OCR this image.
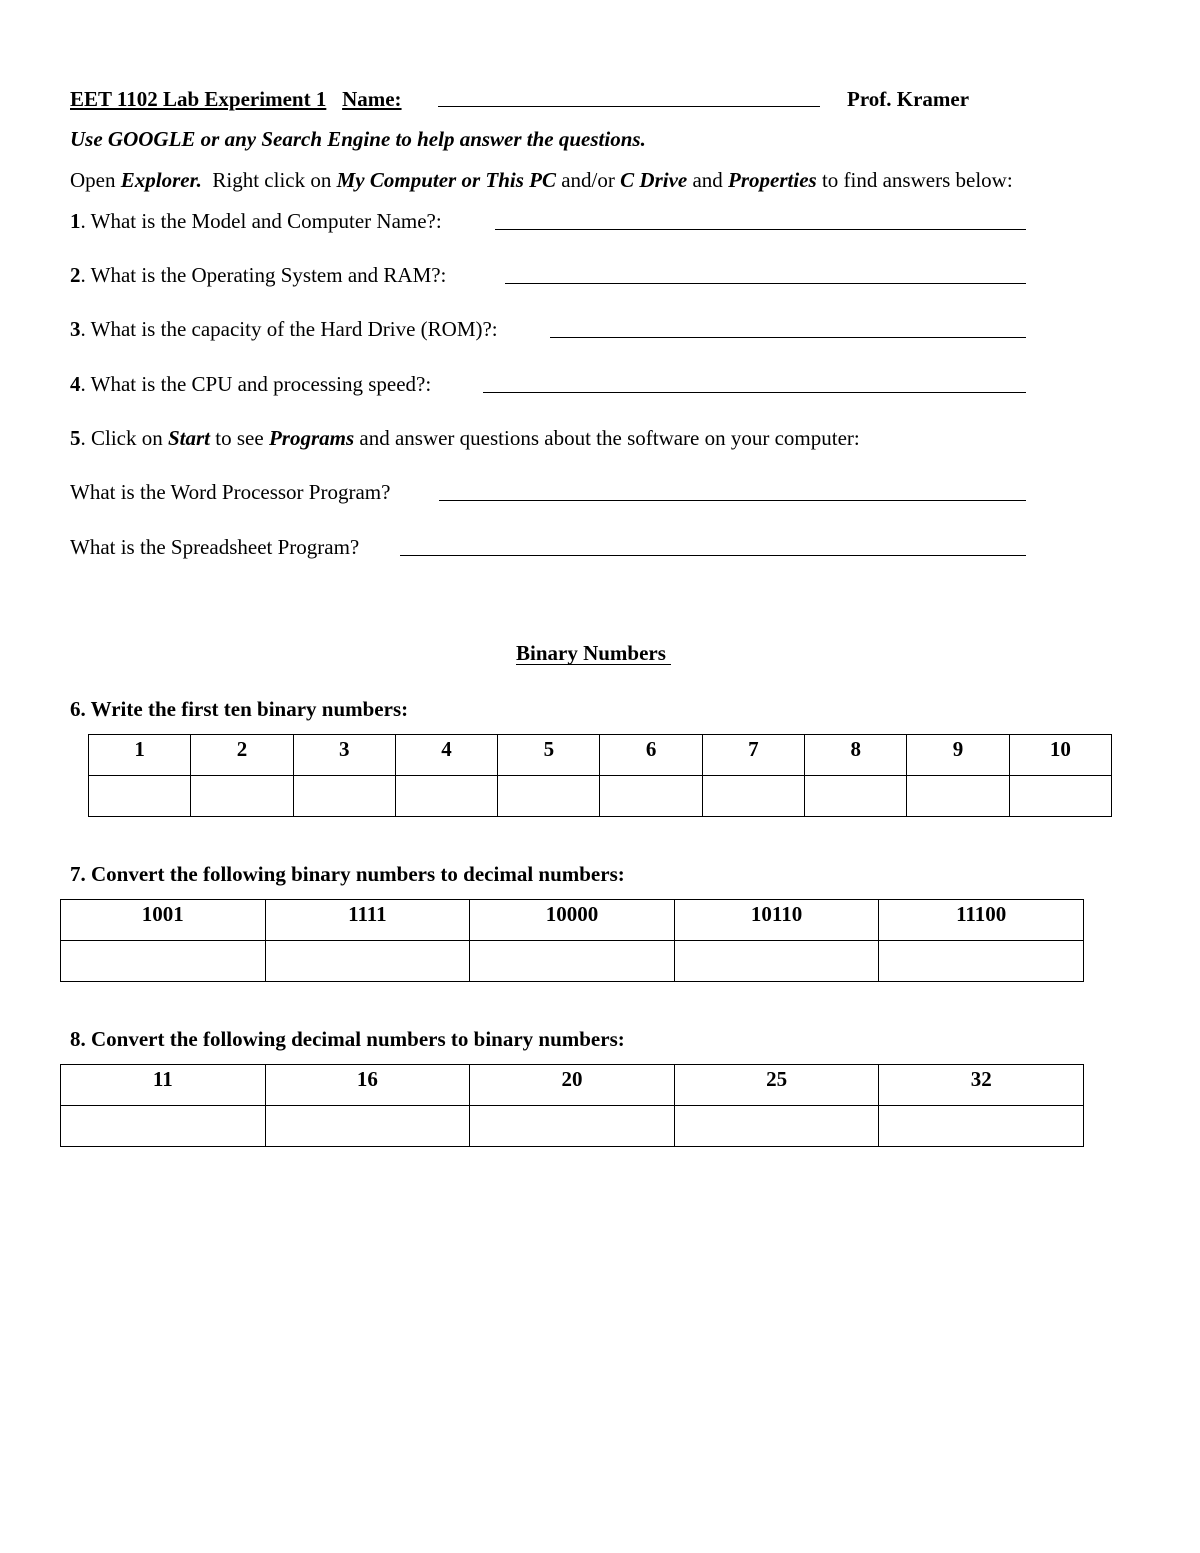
EET 1102 Lab Experiment 1 Name:	Prof. Kramer
Use GOOGLE or any Search Engine to help answer the questions.
Open Explorer.  Right click on My Computer or This PC and/or C Drive and Properties to find answers below:
1. What is the Model and Computer Name?:
2. What is the Operating System and RAM?:
3. What is the capacity of the Hard Drive (ROM)?:
4. What is the CPU and processing speed?:
5. Click on Start to see Programs and answer questions about the software on your computer:
What is the Word Processor Program?
What is the Spreadsheet Program?
Binary Numbers
6. Write the first ten binary numbers:
1	2	3	4	5	6	7	8	9	10

7. Convert the following binary numbers to decimal numbers:
1001	1111	10000	10110	11100

8. Convert the following decimal numbers to binary numbers:
11	16	20	25	32
